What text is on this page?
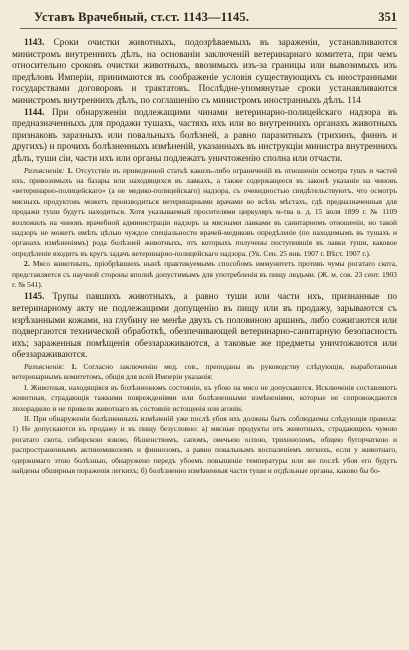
Уставъ Врачебный, ст.ст. 1143—1145.	351

1143. Сроки очистки животныхъ, подозрѣваемыхъ въ зараженіи, устанавливаются министромъ внутреннихъ дѣлъ, на основаніи заключеній ветеринарнаго комитета, при чемъ относительно сроковъ очистки животныхъ, ввозимыхъ изъ-за границы или вывозимыхъ изъ предѣловъ Имперіи, принимаются въ соображеніе условія существующихъ съ иностранными государствами договоровъ и трактатовъ. Послѣдне-упомянутые сроки устанавливаются министромъ внутреннихъ дѣлъ, по соглашенію съ министромъ иностранныхъ дѣлъ. 114

1144. При обнаруженіи подлежащими чинами ветеринарно-полицейскаго надзора въ предназначенныхъ для продажи тушахъ, частяхъ ихъ или во внутреннихъ органахъ животныхъ признаковъ заразныхъ или повальныхъ болѣзней, а равно паразитныхъ (трихинъ, финнъ и другихъ) и прочихъ болѣзненныхъ измѣненій, указанныхъ въ инструкціи министра внутреннихъ дѣлъ, туши сіи, части ихъ или органы подлежатъ уничтоженію сполна или отчасти.

Разъясненія: 1. Отсутствіе въ приведенной статьѣ какихъ-либо ограниченій въ отношеніи осмотра тушъ и частей ихъ, привозимыхъ на базары или находящихся въ лавкахъ, а также содержащееся въ законѣ указаніе на чиновъ «ветеринарно-полицейскаго» (а не медико-полицейскаго) надзора, съ очевидностью свидѣтельствуютъ, что осмотръ мясныхъ продуктовъ можетъ производиться ветеринарными врачами во всѣхъ мѣстахъ, гдѣ предназначенныя для продажи туши будутъ находиться. Хотя указываемый просителями циркуляръ м-тва в. д. 15 іюля 1899 г. № 1109 возложилъ на чиновъ врачебной администраціи надзоръ за мясными лавками въ санитарномъ отношеніи, но такой надзоръ не можетъ имѣть цѣлью чуждое спеціальности врачей-медиковъ опредѣленіе (по находимымъ въ тушахъ и органахъ измѣненіямъ) рода болѣзней животныхъ, отъ которыхъ получены поступившія въ лавки туши, каковое опредѣленіе входитъ въ кругъ задачъ ветеринарно-полицейскаго надзора. (Ук. Сен. 25 янв. 1907 г. Вѣст. 1907 г.).

2. Мясо животныхъ, пріобрѣвшихъ нынѣ практикуемымъ способомъ иммунитетъ противъ чумы рогатаго скота, представляется съ научной стороны вполнѣ допустимымъ для употребленія въ пищу людьми. (Ж. м. сов. 23 сент. 1903 г. № 541).

1145. Трупы павшихъ животныхъ, а равно туши или части ихъ, признанные по ветеринарному акту не подлежащими допущенію въ пищу или въ продажу, зарываются съ изрѣзанными кожами, на глубину не менѣе двухъ съ половиною аршинъ, либо сожигаются или подвергаются технической обработкѣ, обезпечивающей ветеринарно-санитарную безопасность ихъ; зараженныя помѣщенія обеззараживаются, а таковые же предметы уничтожаются или обеззараживаются.

Разъясненія: 1. Согласно заключенію мед. сов., преподаны въ руководству слѣдующія, выработанныя ветеринарнымъ комитетомъ, общія для всей Имперіи указанія:

I. Животныя, находящіяся въ болѣзненномъ состояніи, къ убою на мясо не допускаются. Исключенія составляютъ животныя, страдающія тажкими поврежденіями или болѣзненными измѣненіями, которые не сопровождаются лихорадкою и не привели животнаго въ состояніе истощенія или агоніи.

II. При обнаруженіи болѣзненныхъ измѣненій уже послѣ убоя ихъ должны быть соблюдаемы слѣдующія правила: 1) Не допускаются къ продажу и въ пищу безусловно: а) мясные продукты отъ животныхъ, страдающихъ чумою рогатаго скота, сибирскою язвою, бѣшенствомъ, сапомъ, овечьею оспою, трихинозомъ, общею бугорчаткою и распространеннымъ актиномикозомъ и финнозомъ, а равно повальнымъ воспаленіемъ легкихъ, если у животнаго, одержимаго этою болѣзнью, обнаружено передъ убоемъ повышеніе температуры или же послѣ убоя его будутъ найдены обширныя пораженія легкихъ; б) болѣзненно измѣненныя части туши и отдѣльные органы, каково бы бо-
